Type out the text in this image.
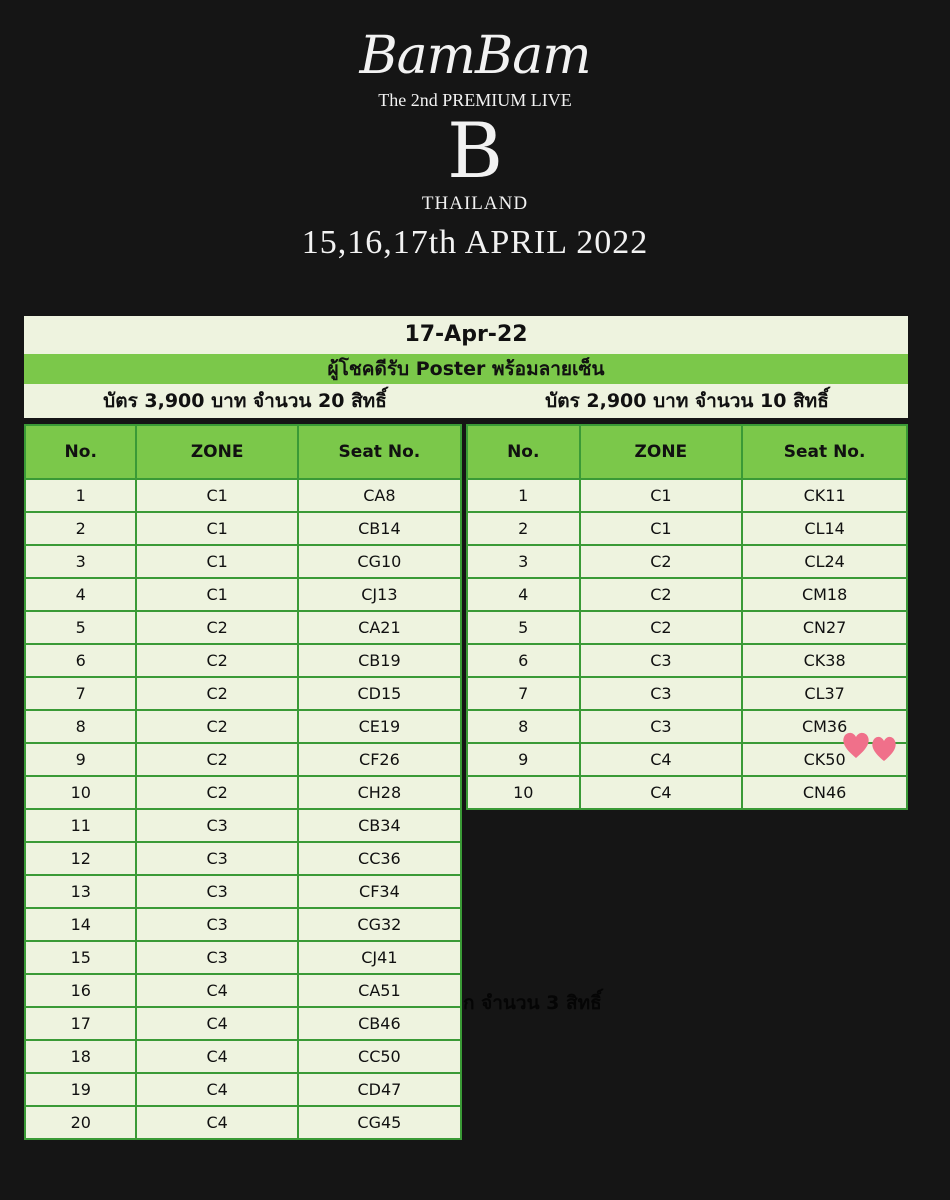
BamBam
The 2nd PREMIUM LIVE
B
THAILAND
15,16,17th APRIL 2022
17-Apr-22
ผู้โชคดีรับ Poster พร้อมลายเซ็น
บัตร 3,900 บาท จำนวน 20 สิทธิ์	บัตร 2,900 บาท จำนวน 10 สิทธิ์
ก จำนวน 3 สิทธิ์
No.	ZONE	Seat No.
1	C1	CA8
2	C1	CB14
3	C1	CG10
4	C1	CJ13
5	C2	CA21
6	C2	CB19
7	C2	CD15
8	C2	CE19
9	C2	CF26
10	C2	CH28
11	C3	CB34
12	C3	CC36
13	C3	CF34
14	C3	CG32
15	C3	CJ41
16	C4	CA51
17	C4	CB46
18	C4	CC50
19	C4	CD47
20	C4	CG45
No.	ZONE	Seat No.
1	C1	CK11
2	C1	CL14
3	C2	CL24
4	C2	CM18
5	C2	CN27
6	C3	CK38
7	C3	CL37
8	C3	CM36
9	C4	CK50
10	C4	CN46
